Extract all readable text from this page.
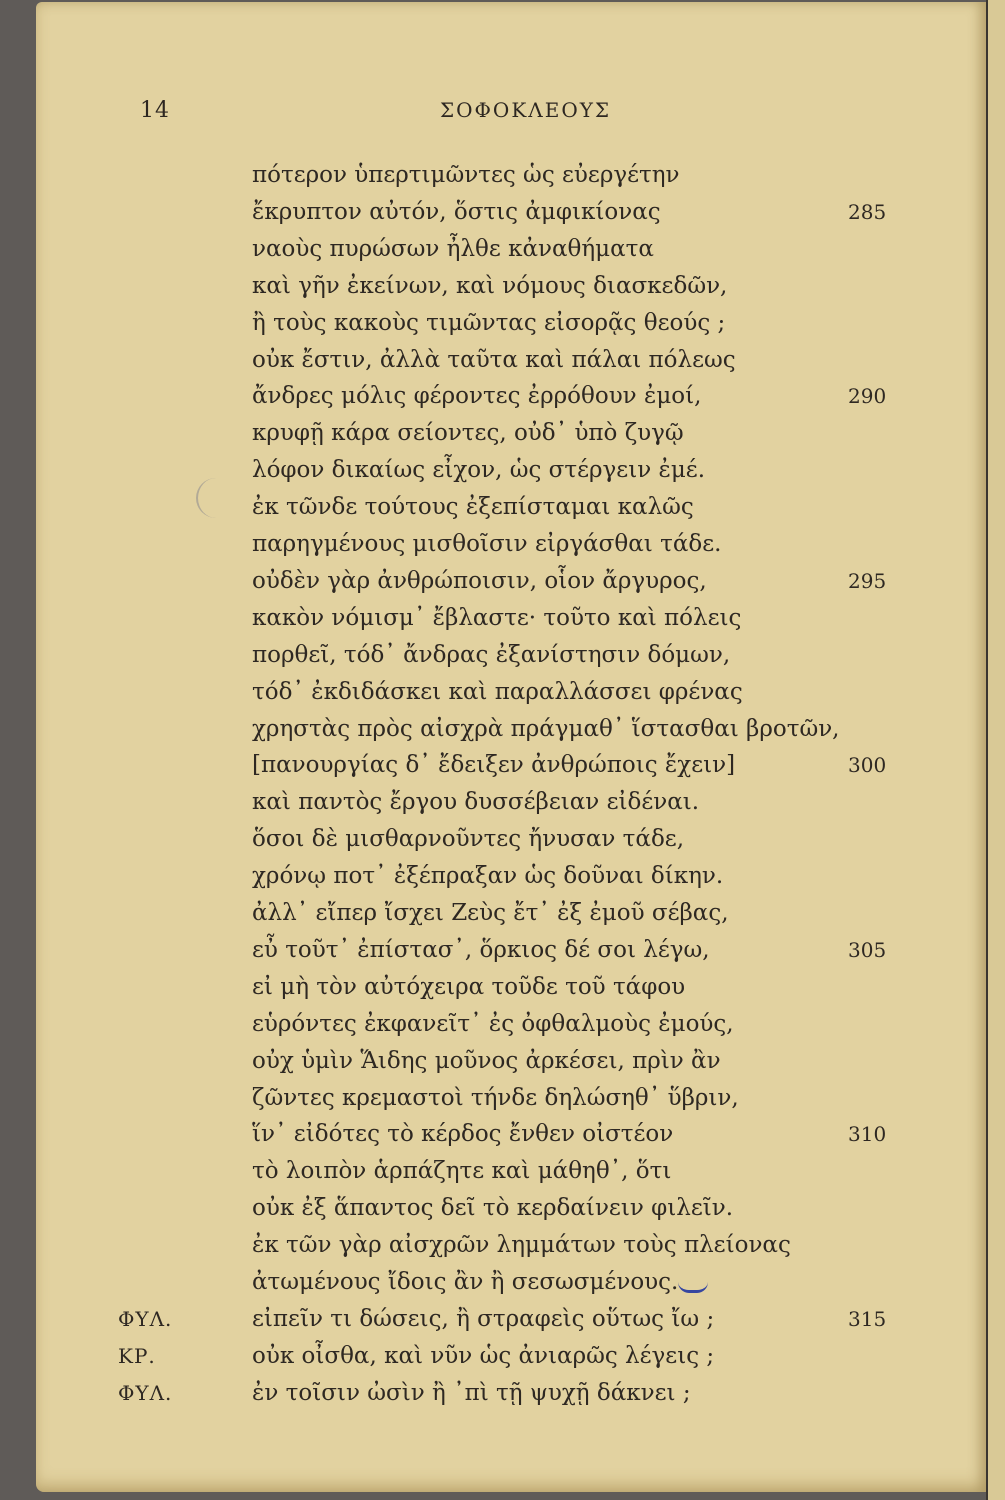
14	ΣΟΦΟΚΛΕΟΥΣ
πότερον ὑπερτιμῶντες ὡς εὐεργέτην
ἔκρυπτον αὐτόν, ὅστις ἀμφικίονας	285
ναοὺς πυρώσων ἦλθε κἀναθήματα
καὶ γῆν ἐκείνων, καὶ νόμους διασκεδῶν,
ἢ τοὺς κακοὺς τιμῶντας εἰσορᾷς θεούς ;
οὐκ ἔστιν, ἀλλὰ ταῦτα καὶ πάλαι πόλεως
ἄνδρες μόλις φέροντες ἐρρόθουν ἐμοί,	290
κρυφῇ κάρα σείοντες, οὐδ᾽ ὑπὸ ζυγῷ
λόφον δικαίως εἶχον, ὡς στέργειν ἐμέ.
ἐκ τῶνδε τούτους ἐξεπίσταμαι καλῶς
παρηγμένους μισθοῖσιν εἰργάσθαι τάδε.
οὐδὲν γὰρ ἀνθρώποισιν, οἷον ἄργυρος,	295
κακὸν νόμισμ᾽ ἔβλαστε· τοῦτο καὶ πόλεις
πορθεῖ, τόδ᾽ ἄνδρας ἐξανίστησιν δόμων,
τόδ᾽ ἐκδιδάσκει καὶ παραλλάσσει φρένας
χρηστὰς πρὸς αἰσχρὰ πράγμαθ᾽ ἵστασθαι βροτῶν,
[πανουργίας δ᾽ ἔδειξεν ἀνθρώποις ἔχειν]	300
καὶ παντὸς ἔργου δυσσέβειαν εἰδέναι.
ὅσοι δὲ μισθαρνοῦντες ἤνυσαν τάδε,
χρόνῳ ποτ᾽ ἐξέπραξαν ὡς δοῦναι δίκην.
ἀλλ᾽ εἴπερ ἴσχει Ζεὺς ἔτ᾽ ἐξ ἐμοῦ σέβας,
εὖ τοῦτ᾽ ἐπίστασ᾽, ὅρκιος δέ σοι λέγω,	305
εἰ μὴ τὸν αὐτόχειρα τοῦδε τοῦ τάφου
εὑρόντες ἐκφανεῖτ᾽ ἐς ὀφθαλμοὺς ἐμούς,
οὐχ ὑμὶν Ἅιδης μοῦνος ἀρκέσει, πρὶν ἂν
ζῶντες κρεμαστοὶ τήνδε δηλώσηθ᾽ ὕβριν,
ἵν᾽ εἰδότες τὸ κέρδος ἔνθεν οἰστέον	310
τὸ λοιπὸν ἁρπάζητε καὶ μάθηθ᾽, ὅτι
οὐκ ἐξ ἅπαντος δεῖ τὸ κερδαίνειν φιλεῖν.
ἐκ τῶν γὰρ αἰσχρῶν λημμάτων τοὺς πλείονας
ἀτωμένους ἴδοις ἂν ἢ σεσωσμένους.
ΦΥΛ.	εἰπεῖν τι δώσεις, ἢ στραφεὶς οὕτως ἴω ;	315
ΚΡ.	οὐκ οἶσθα, καὶ νῦν ὡς ἀνιαρῶς λέγεις ;
ΦΥΛ.	ἐν τοῖσιν ὠσὶν ἢ ᾽πὶ τῇ ψυχῇ δάκνει ;
